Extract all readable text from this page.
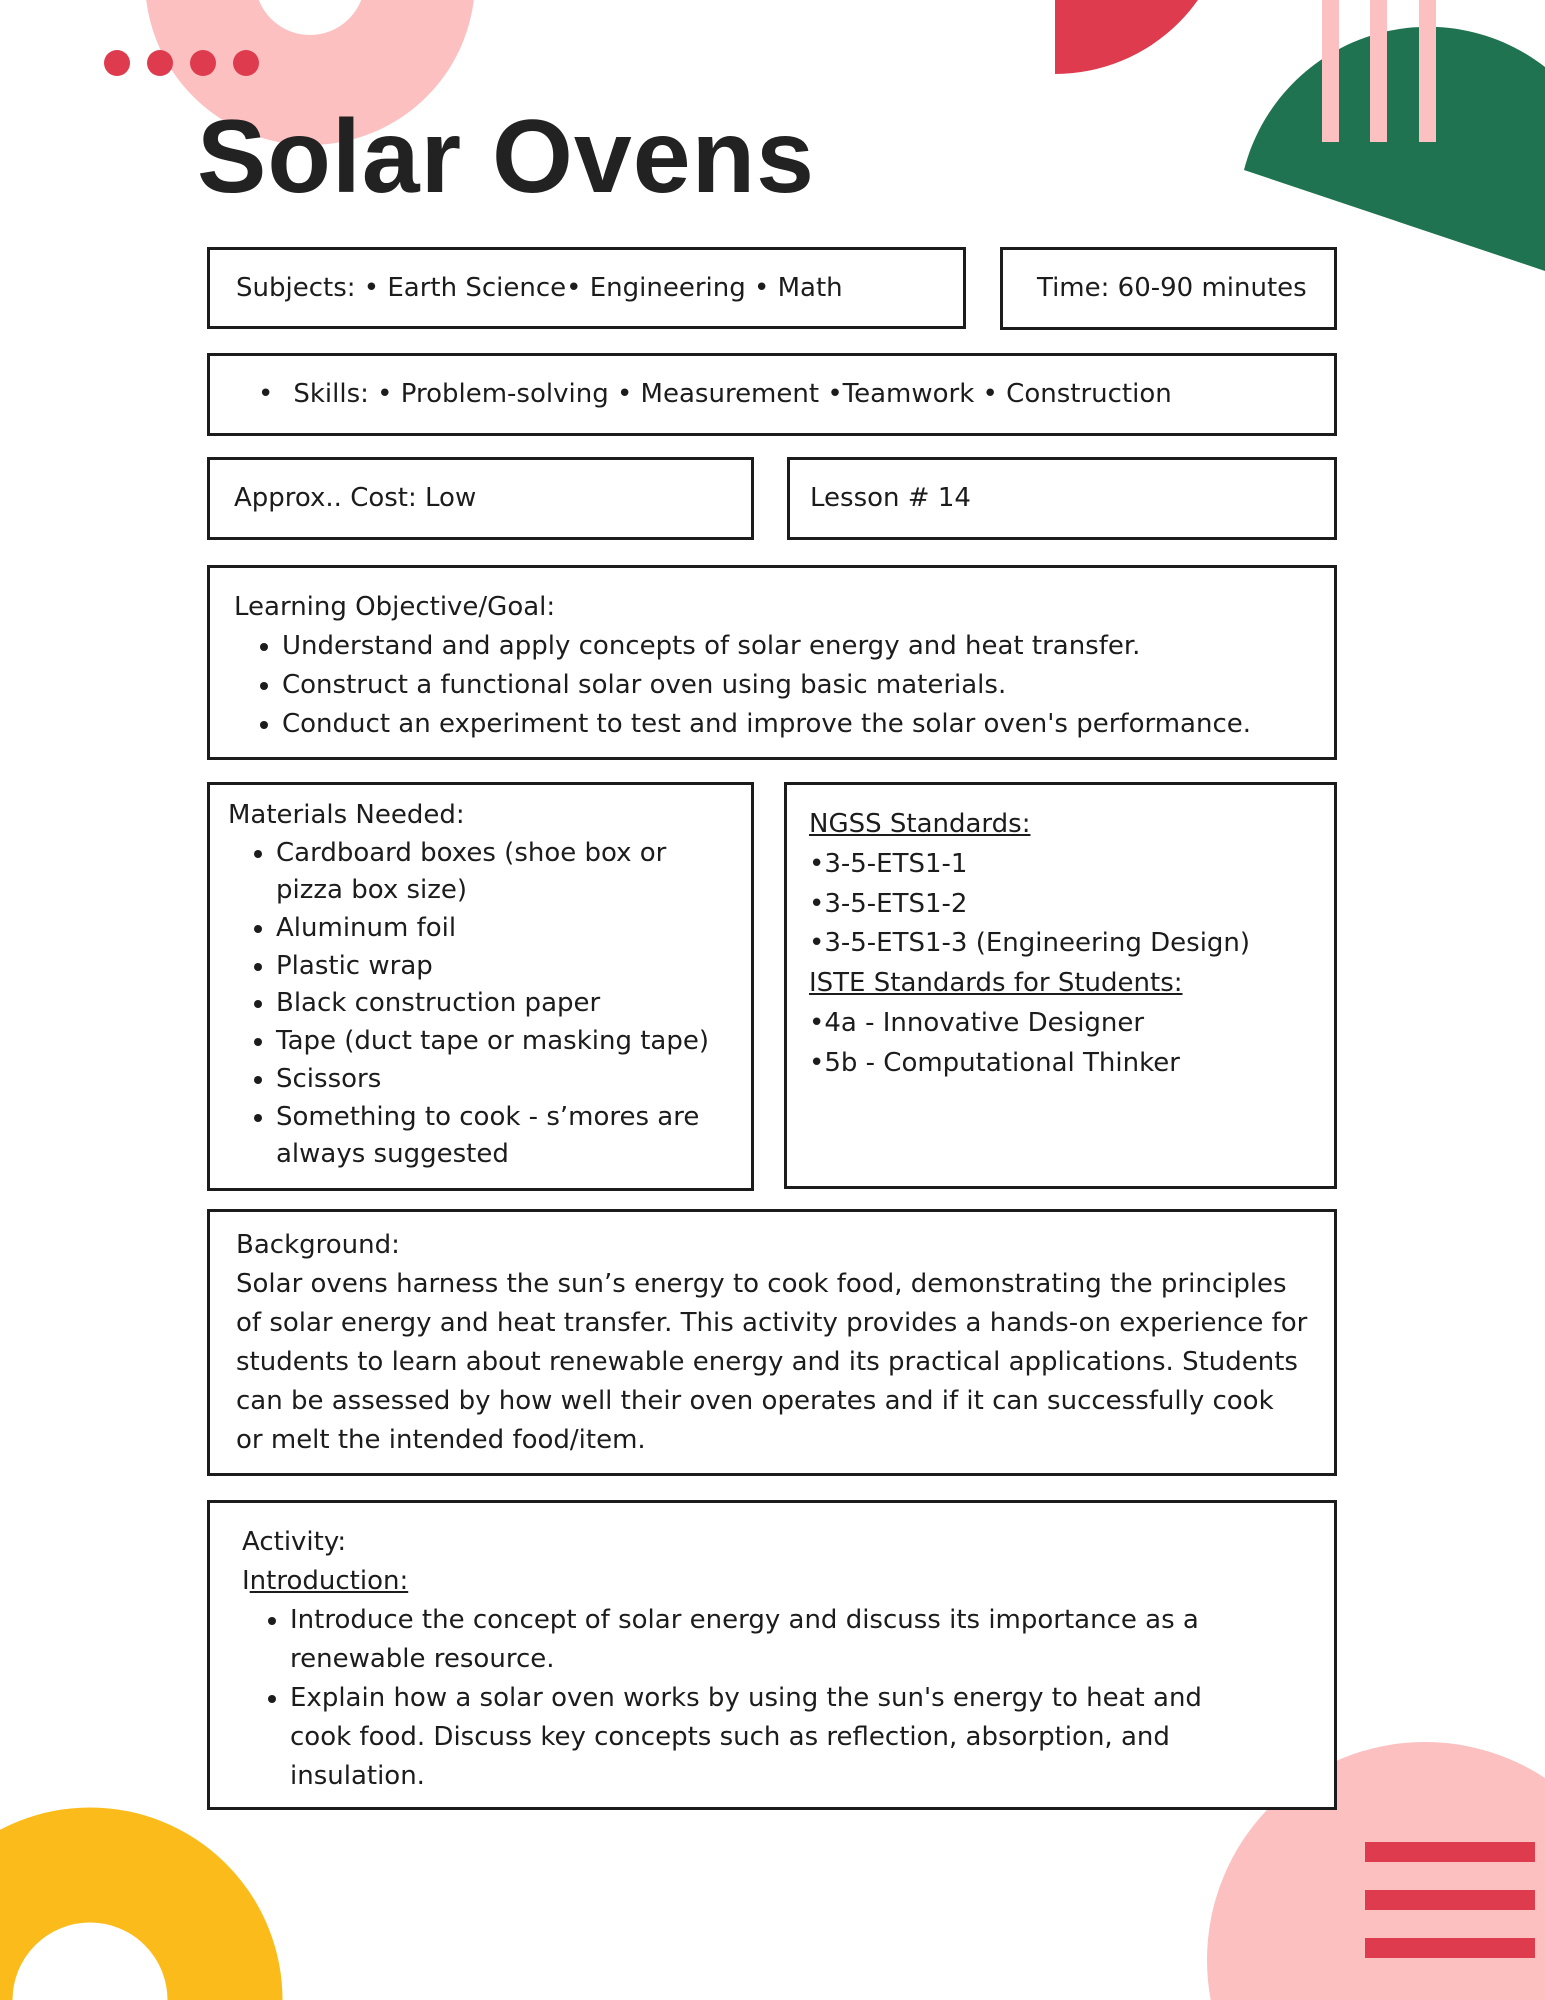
Solar Ovens
Subjects: • Earth Science• Engineering • Math	Time: 60-90 minutes
• Skills: • Problem-solving • Measurement •Teamwork • Construction
Approx.. Cost: Low	Lesson # 14
Learning Objective/Goal:
• Understand and apply concepts of solar energy and heat transfer.
• Construct a functional solar oven using basic materials.
• Conduct an experiment to test and improve the solar oven's performance.
Materials Needed:
• Cardboard boxes (shoe box or pizza box size)
• Aluminum foil
• Plastic wrap
• Black construction paper
• Tape (duct tape or masking tape)
• Scissors
• Something to cook - s’mores are always suggested
NGSS Standards:
•3-5-ETS1-1
•3-5-ETS1-2
•3-5-ETS1-3 (Engineering Design)
ISTE Standards for Students:
•4a - Innovative Designer
•5b - Computational Thinker
Background:
Solar ovens harness the sun’s energy to cook food, demonstrating the principles of solar energy and heat transfer. This activity provides a hands-on experience for students to learn about renewable energy and its practical applications. Students can be assessed by how well their oven operates and if it can successfully cook or melt the intended food/item.
Activity:
Introduction:
• Introduce the concept of solar energy and discuss its importance as a renewable resource.
• Explain how a solar oven works by using the sun's energy to heat and cook food. Discuss key concepts such as reflection, absorption, and insulation.
